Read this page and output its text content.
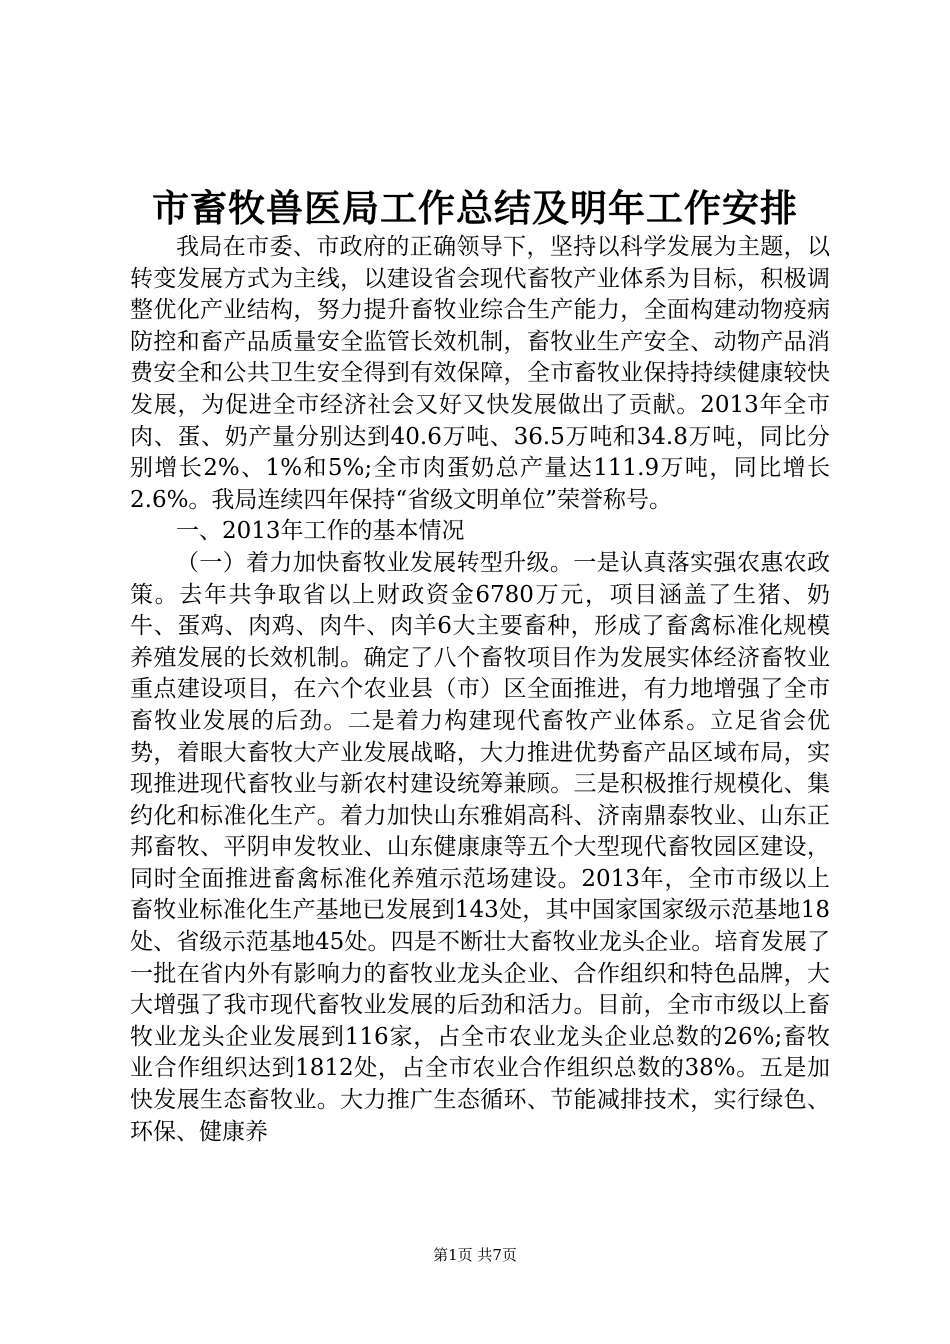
市畜牧兽医局工作总结及明年工作安排

我局在市委、市政府的正确领导下，坚持以科学发展为主题，以转变发展方式为主线，以建设省会现代畜牧产业体系为目标，积极调整优化产业结构，努力提升畜牧业综合生产能力，全面构建动物疫病防控和畜产品质量安全监管长效机制，畜牧业生产安全、动物产品消费安全和公共卫生安全得到有效保障，全市畜牧业保持持续健康较快发展，为促进全市经济社会又好又快发展做出了贡献。2013年全市肉、蛋、奶产量分别达到40.6万吨、36.5万吨和34.8万吨，同比分别增长2%、1%和5%;全市肉蛋奶总产量达111.9万吨，同比增长2.6%。我局连续四年保持“省级文明单位”荣誉称号。

一、2013年工作的基本情况

（一）着力加快畜牧业发展转型升级。一是认真落实强农惠农政策。去年共争取省以上财政资金6780万元，项目涵盖了生猪、奶牛、蛋鸡、肉鸡、肉牛、肉羊6大主要畜种，形成了畜禽标准化规模养殖发展的长效机制。确定了八个畜牧项目作为发展实体经济畜牧业重点建设项目，在六个农业县（市）区全面推进，有力地增强了全市畜牧业发展的后劲。二是着力构建现代畜牧产业体系。立足省会优势，着眼大畜牧大产业发展战略，大力推进优势畜产品区域布局，实现推进现代畜牧业与新农村建设统筹兼顾。三是积极推行规模化、集约化和标准化生产。着力加快山东雅娟高科、济南鼎泰牧业、山东正邦畜牧、平阴申发牧业、山东健康康等五个大型现代畜牧园区建设，同时全面推进畜禽标准化养殖示范场建设。2013年，全市市级以上畜牧业标准化生产基地已发展到143处，其中国家国家级示范基地18处、省级示范基地45处。四是不断壮大畜牧业龙头企业。培育发展了一批在省内外有影响力的畜牧业龙头企业、合作组织和特色品牌，大大增强了我市现代畜牧业发展的后劲和活力。目前，全市市级以上畜牧业龙头企业发展到116家，占全市农业龙头企业总数的26%;畜牧业合作组织达到1812处，占全市农业合作组织总数的38%。五是加快发展生态畜牧业。大力推广生态循环、节能减排技术，实行绿色、环保、健康养

第1页 共7页
